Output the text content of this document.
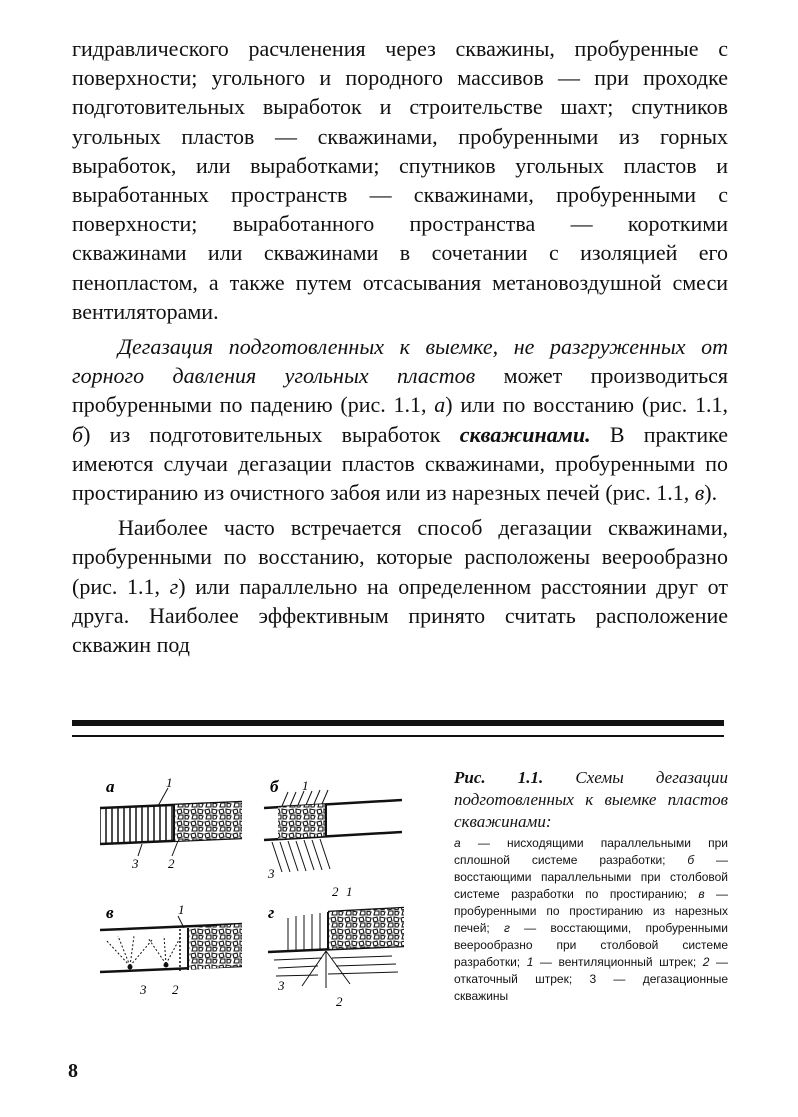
гидравлического расчленения через скважины, пробуренные с поверхности; угольного и породного массивов — при проходке подготовительных выработок и строительстве шахт; спутников угольных пластов — скважинами, пробуренными из горных выработок, или выработками; спутников угольных пластов и выработанных пространств — скважинами, пробуренными с поверхности; выработанного пространства — короткими скважинами или скважинами в сочетании с изоляцией его пенопластом, а также путем отсасывания метановоздушной смеси вентиляторами.

Дегазация подготовленных к выемке, не разгруженных от горного давления угольных пластов может производиться пробуренными по падению (рис. 1.1, а) или по восстанию (рис. 1.1, б) из подготовительных выработок скважинами. В практике имеются случаи дегазации пластов скважинами, пробуренными по простиранию из очистного забоя или из нарезных печей (рис. 1.1, в).

Наиболее часто встречается способ дегазации скважинами, пробуренными по восстанию, которые расположены веерообразно (рис. 1.1, г) или параллельно на определенном расстоянии друг от друга. Наиболее эффективным принято считать расположение скважин под

а	1
3 2
б 1
3
2 1
в	1
3 2
г
3
2

Рис. 1.1. Схемы дегазации подготовленных к выемке пластов скважинами:

а — нисходящими параллельными при сплошной системе разработки; б — восстающими параллельными при столбовой системе разработки по простиранию; в — пробуренными по простиранию из нарезных печей; г — восстающими, пробуренными веерообразно при столбовой системе разработки; 1 — вентиляционный штрек; 2 — откаточный штрек; 3 — дегазационные скважины

8
